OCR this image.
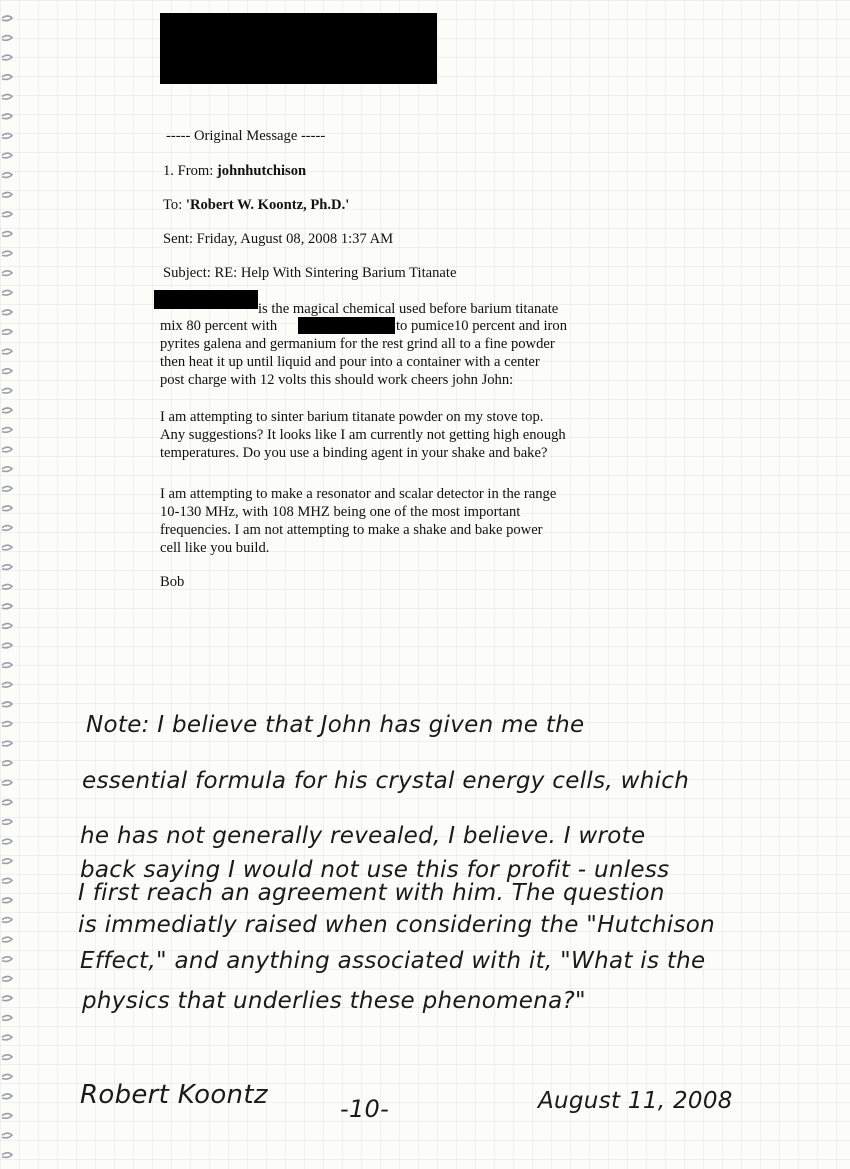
----- Original Message -----
1. From: johnhutchison
To: 'Robert W. Koontz, Ph.D.'
Sent: Friday, August 08, 2008 1:37 AM
Subject: RE: Help With Sintering Barium Titanate
is the magical chemical used before barium titanate
mix 80 percent with	to pumice10 percent and iron
pyrites galena and germanium for the rest grind all to a fine powder
then heat it up until liquid and pour into a container with a center
post charge with 12 volts this should work cheers john John:
I am attempting to sinter barium titanate powder on my stove top.
Any suggestions? It looks like I am currently not getting high enough
temperatures. Do you use a binding agent in your shake and bake?
I am attempting to make a resonator and scalar detector in the range
10-130 MHz, with 108 MHZ being one of the most important
frequencies. I am not attempting to make a shake and bake power
cell like you build.
Bob
Note: I believe that John has given me the
essential formula for his crystal energy cells, which
he has not generally revealed, I believe. I wrote
back saying I would not use this for profit - unless
I first reach an agreement with him. The question
is immediatly raised when considering the "Hutchison
Effect," and anything associated with it, "What is the
physics that underlies these phenomena?"
Robert Koontz	-10-	August 11, 2008
